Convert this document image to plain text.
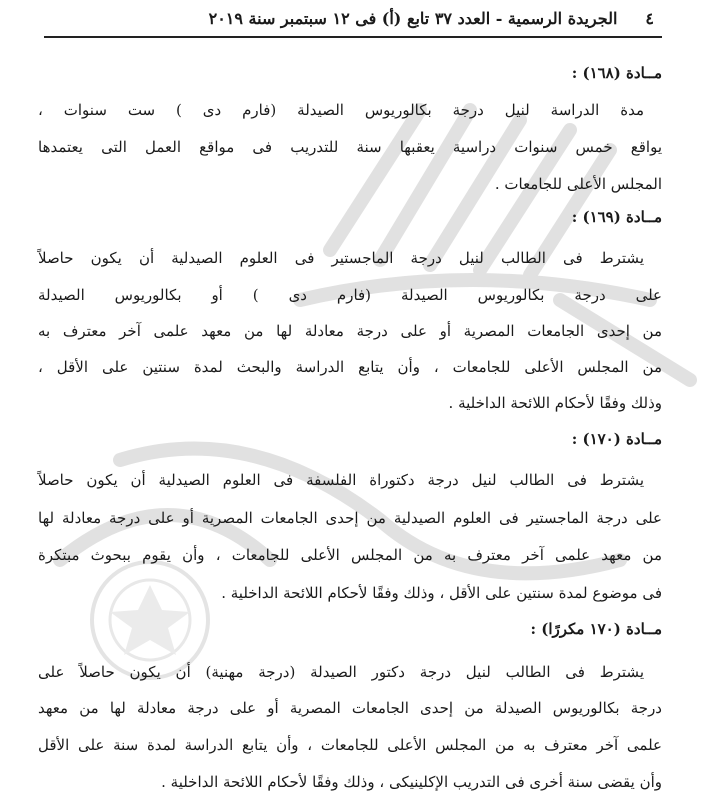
٤
الجريدة الرسمية - العدد ٣٧ تابع (أ) فى ١٢ سبتمبر سنة ٢٠١٩
مــادة (١٦٨) :
مدة الدراسة لنيل درجة بكالوريوس الصيدلة (فارم دى ) ست سنوات ،
يواقع خمس سنوات دراسية يعقبها سنة للتدريب فى مواقع العمل التى يعتمدها
المجلس الأعلى للجامعات .
مــادة (١٦٩) :
يشترط فى الطالب لنيل درجة الماجستير فى العلوم الصيدلية أن يكون حاصلاً
على درجة بكالوريوس الصيدلة (فارم دى ) أو بكالوريوس الصيدلة
من إحدى الجامعات المصرية أو على درجة معادلة لها من معهد علمى آخر معترف به
من المجلس الأعلى للجامعات ، وأن يتابع الدراسة والبحث لمدة سنتين على الأقل ،
وذلك وفقًا لأحكام اللائحة الداخلية .
مــادة (١٧٠) :
يشترط فى الطالب لنيل درجة دكتوراة الفلسفة فى العلوم الصيدلية أن يكون حاصلاً
على درجة الماجستير فى العلوم الصيدلية من إحدى الجامعات المصرية أو على درجة معادلة لها
من معهد علمى آخر معترف به من المجلس الأعلى للجامعات ، وأن يقوم ببحوث مبتكرة
فى موضوع لمدة سنتين على الأقل ، وذلك وفقًا لأحكام اللائحة الداخلية .
مــادة (١٧٠ مكررًا) :
يشترط فى الطالب لنيل درجة دكتور الصيدلة (درجة مهنية) أن يكون حاصلاً على
درجة بكالوريوس الصيدلة من إحدى الجامعات المصرية أو على درجة معادلة لها من معهد
علمى آخر معترف به من المجلس الأعلى للجامعات ، وأن يتابع الدراسة لمدة سنة على الأقل
وأن يقضى سنة أخرى فى التدريب الإكلينيكى ، وذلك وفقًا لأحكام اللائحة الداخلية .
